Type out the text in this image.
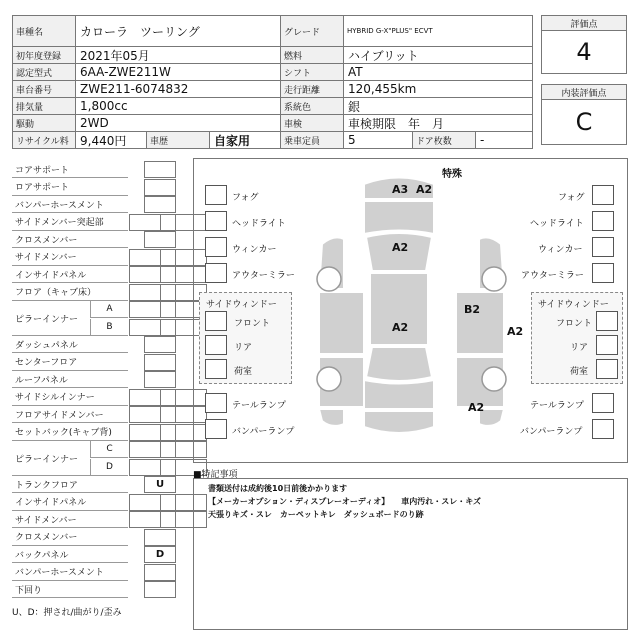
車種名	カローラ　ツーリング	グレード	HYBRID G-X"PLUS" ECVT
初年度登録	2021年05月	燃料	ハイブリット
認定型式	6AA-ZWE211W	シフト	AT
車台番号	ZWE211-6074832	走行距離	120,455km
排気量	1,800cc	系統色	銀
駆動	2WD	車検	車検期限　年　月
リサイクル料 9,440円	車歴	自家用	乗車定員	5	ドア枚数	-
評価点
4
内装評価点
C
コアサポート
ロアサポート
バンパーホースメント
サイドメンバー突起部
クロスメンバー
サイドメンバー
インサイドパネル
フロア（キャブ床）
ピラーインナー
A
B
ダッシュパネル
センターフロア
ルーフパネル
サイドシルインナー
フロアサイドメンバー
セットバック(キャブ背)
ピラーインナー
C
D
トランクフロア	U
インサイドパネル
サイドメンバー
クロスメンバー
バックパネル	D
バンパーホースメント
下回り
U、D：押され/曲がり/歪み
特殊
A3 A2
A2
A2
B2
A2
A2
フォグ
ヘッドライト
ウィンカー
アウターミラー
フォグ
ヘッドライト
ウィンカー
アウターミラー
サイドウィンドー
フロント
リア
荷室
サイドウィンドー
フロント
リア
荷室
テールランプ
バンパーランプ
テールランプ
バンパーランプ
■特記事項
書類送付は成約後10日前後かかります
【メーカーオプション・ディスプレーオーディオ】　　車内汚れ・スレ・キズ
天張りキズ・スレ　カーペットキレ　ダッシュボードのり跡
